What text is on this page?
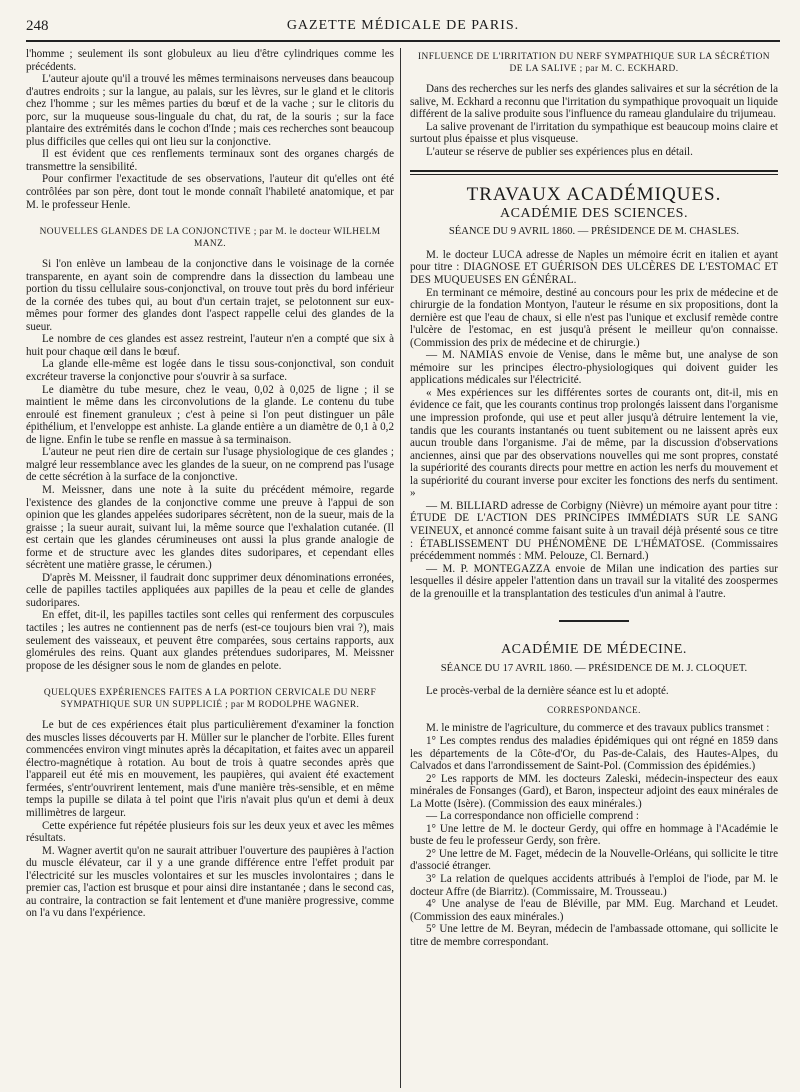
248	GAZETTE MÉDICALE DE PARIS.

l'homme ; seulement ils sont globuleux au lieu d'être cylindriques comme les précédents.

L'auteur ajoute qu'il a trouvé les mêmes terminaisons nerveuses dans beaucoup d'autres endroits ; sur la langue, au palais, sur les lèvres, sur le gland et le clitoris chez l'homme ; sur les mêmes parties du bœuf et de la vache ; sur le clitoris du porc, sur la muqueuse sous-linguale du chat, du rat, de la souris ; sur la face plantaire des extrémités dans le cochon d'Inde ; mais ces recherches sont beaucoup plus difficiles que celles qui ont lieu sur la conjonctive.

Il est évident que ces renflements terminaux sont des organes chargés de transmettre la sensibilité.

Pour confirmer l'exactitude de ses observations, l'auteur dit qu'elles ont été contrôlées par son père, dont tout le monde connaît l'habileté anatomique, et par M. le professeur Henle.

NOUVELLES GLANDES DE LA CONJONCTIVE ; par M. le docteur WILHELM MANZ.

Si l'on enlève un lambeau de la conjonctive dans le voisinage de la cornée transparente, en ayant soin de comprendre dans la dissection du lambeau une portion du tissu cellulaire sous-conjonctival, on trouve tout près du bord inférieur de la cornée des tubes qui, au bout d'un certain trajet, se pelotonnent sur eux-mêmes pour former des glandes dont l'aspect rappelle celui des glandes de la sueur.

Le nombre de ces glandes est assez restreint, l'auteur n'en a compté que six à huit pour chaque œil dans le bœuf.

La glande elle-même est logée dans le tissu sous-conjonctival, son conduit excréteur traverse la conjonctive pour s'ouvrir à sa surface.

Le diamètre du tube mesure, chez le veau, 0,02 à 0,025 de ligne ; il se maintient le même dans les circonvolutions de la glande. Le contenu du tube enroulé est finement granuleux ; c'est à peine si l'on peut distinguer un pâle épithélium, et l'enveloppe est anhiste. La glande entière a un diamètre de 0,1 à 0,2 de ligne. Enfin le tube se renfle en massue à sa terminaison.

L'auteur ne peut rien dire de certain sur l'usage physiologique de ces glandes ; malgré leur ressemblance avec les glandes de la sueur, on ne comprend pas l'usage de cette sécrétion à la surface de la conjonctive.

M. Meissner, dans une note à la suite du précédent mémoire, regarde l'existence des glandes de la conjonctive comme une preuve à l'appui de son opinion que les glandes appelées sudoripares sécrètent, non de la sueur, mais de la graisse ; la sueur aurait, suivant lui, la même source que l'exhalation cutanée. (Il est certain que les glandes cérumineuses ont aussi la plus grande analogie de forme et de structure avec les glandes dites sudoripares, et cependant elles sécrètent une matière grasse, le cérumen.)

D'après M. Meissner, il faudrait donc supprimer deux dénominations erronées, celle de papilles tactiles appliquées aux papilles de la peau et celle de glandes sudoripares.

En effet, dit-il, les papilles tactiles sont celles qui renferment des corpuscules tactiles ; les autres ne contiennent pas de nerfs (est-ce toujours bien vrai ?), mais seulement des vaisseaux, et peuvent être comparées, sous certains rapports, aux glomérules des reins. Quant aux glandes prétendues sudoripares, M. Meissner propose de les désigner sous le nom de glandes en pelote.

QUELQUES EXPÉRIENCES FAITES A LA PORTION CERVICALE DU NERF SYMPATHIQUE SUR UN SUPPLICIÉ ; par M RODOLPHE WAGNER.

Le but de ces expériences était plus particulièrement d'examiner la fonction des muscles lisses découverts par H. Müller sur le plancher de l'orbite. Elles furent commencées environ vingt minutes après la décapitation, et faites avec un appareil électro-magnétique à rotation. Au bout de trois à quatre secondes après que l'appareil eut été mis en mouvement, les paupières, qui avaient été exactement fermées, s'entr'ouvrirent lentement, mais d'une manière très-sensible, et en même temps la pupille se dilata à tel point que l'iris n'avait plus qu'un et demi à deux millimètres de largeur.

Cette expérience fut répétée plusieurs fois sur les deux yeux et avec les mêmes résultats.

M. Wagner avertit qu'on ne saurait attribuer l'ouverture des paupières à l'action du muscle élévateur, car il y a une grande différence entre l'effet produit par l'électricité sur les muscles volontaires et sur les muscles involontaires ; dans le premier cas, l'action est brusque et pour ainsi dire instantanée ; dans le second cas, au contraire, la contraction se fait lentement et d'une manière progressive, comme on l'a vu dans l'expérience.

INFLUENCE DE L'IRRITATION DU NERF SYMPATHIQUE SUR LA SÉCRÉTION DE LA SALIVE ; par M. C. ECKHARD.

Dans des recherches sur les nerfs des glandes salivaires et sur la sécrétion de la salive, M. Eckhard a reconnu que l'irritation du sympathique provoquait un liquide différent de la salive produite sous l'influence du rameau glandulaire du trijumeau.

La salive provenant de l'irritation du sympathique est beaucoup moins claire et surtout plus épaisse et plus visqueuse.

L'auteur se réserve de publier ses expériences plus en détail.

TRAVAUX ACADÉMIQUES.
ACADÉMIE DES SCIENCES.
SÉANCE DU 9 AVRIL 1860. — PRÉSIDENCE DE M. CHASLES.

M. le docteur LUCA adresse de Naples un mémoire écrit en italien et ayant pour titre : DIAGNOSE ET GUÉRISON DES ULCÈRES DE L'ESTOMAC ET DES MUQUEUSES EN GÉNÉRAL.

En terminant ce mémoire, destiné au concours pour les prix de médecine et de chirurgie de la fondation Montyon, l'auteur le résume en six propositions, dont la dernière est que l'eau de chaux, si elle n'est pas l'unique et exclusif remède contre l'ulcère de l'estomac, en est jusqu'à présent le meilleur qu'on connaisse. (Commission des prix de médecine et de chirurgie.)

— M. NAMIAS envoie de Venise, dans le même but, une analyse de son mémoire sur les principes électro-physiologiques qui doivent guider les applications médicales sur l'électricité.

« Mes expériences sur les différentes sortes de courants ont, dit-il, mis en évidence ce fait, que les courants continus trop prolongés laissent dans l'organisme une impression profonde, qui use et peut aller jusqu'à détruire lentement la vie, tandis que les courants instantanés ou tuent subitement ou ne laissent après eux aucun trouble dans l'organisme. J'ai de même, par la discussion d'observations anciennes, ainsi que par des observations nouvelles qui me sont propres, constaté la supériorité des courants directs pour mettre en action les nerfs du mouvement et la supériorité du courant inverse pour exciter les fonctions des nerfs du sentiment. »

— M. BILLIARD adresse de Corbigny (Nièvre) un mémoire ayant pour titre : ÉTUDE DE L'ACTION DES PRINCIPES IMMÉDIATS SUR LE SANG VEINEUX, et annoncé comme faisant suite à un travail déjà présenté sous ce titre : ÉTABLISSEMENT DU PHÉNOMÈNE DE L'HÉMATOSE. (Commissaires précédemment nommés : MM. Pelouze, Cl. Bernard.)

— M. P. MONTEGAZZA envoie de Milan une indication des parties sur lesquelles il désire appeler l'attention dans un travail sur la vitalité des zoospermes de la grenouille et la transplantation des testicules d'un animal à l'autre.

ACADÉMIE DE MÉDECINE.
SÉANCE DU 17 AVRIL 1860. — PRÉSIDENCE DE M. J. CLOQUET.

Le procès-verbal de la dernière séance est lu et adopté.

CORRESPONDANCE.

M. le ministre de l'agriculture, du commerce et des travaux publics transmet :

1° Les comptes rendus des maladies épidémiques qui ont régné en 1859 dans les départements de la Côte-d'Or, du Pas-de-Calais, des Hautes-Alpes, du Calvados et dans l'arrondissement de Saint-Pol. (Commission des épidémies.)

2° Les rapports de MM. les docteurs Zaleski, médecin-inspecteur des eaux minérales de Fonsanges (Gard), et Baron, inspecteur adjoint des eaux minérales de La Motte (Isère). (Commission des eaux minérales.)

— La correspondance non officielle comprend :

1° Une lettre de M. le docteur Gerdy, qui offre en hommage à l'Académie le buste de feu le professeur Gerdy, son frère.

2° Une lettre de M. Faget, médecin de la Nouvelle-Orléans, qui sollicite le titre d'associé étranger.

3° La relation de quelques accidents attribués à l'emploi de l'iode, par M. le docteur Affre (de Biarritz). (Commissaire, M. Trousseau.)

4° Une analyse de l'eau de Bléville, par MM. Eug. Marchand et Leudet. (Commission des eaux minérales.)

5° Une lettre de M. Beyran, médecin de l'ambassade ottomane, qui sollicite le titre de membre correspondant.
